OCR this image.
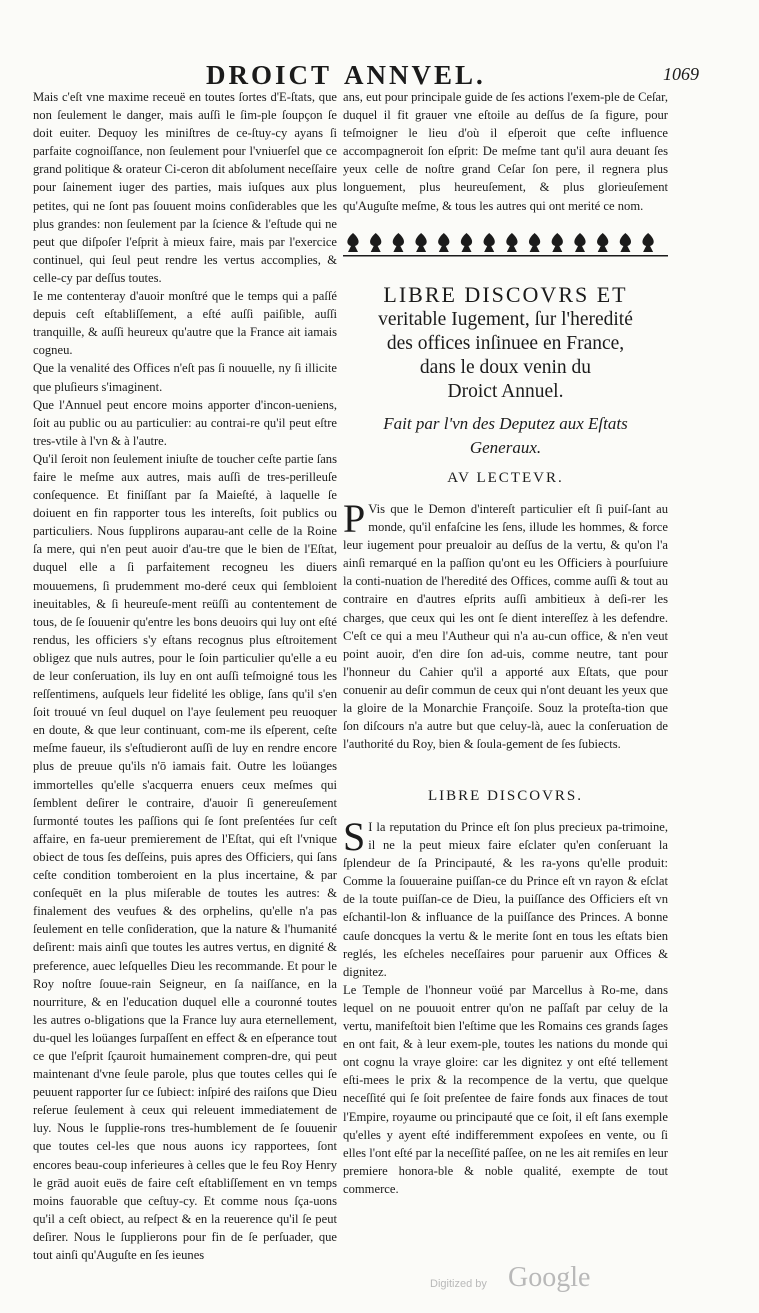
DROICT ANNVEL.	1069

Mais c'eſt vne maxime receuë en toutes ſortes d'E-ſtats, que non ſeulement le danger, mais auſſi le ſim-ple ſoupçon ſe doit euiter. Dequoy les miniſtres de ce-ſtuy-cy ayans ſi parfaite cognoiſſance, non ſeulement pour l'vniuerſel que ce grand politique & orateur Ci-ceron dit abſolument neceſſaire pour ſainement iuger des parties, mais iuſques aux plus petites, qui ne ſont pas ſouuent moins conſiderables que les plus grandes: non ſeulement par la ſcience & l'eſtude qui ne peut que diſpoſer l'eſprit à mieux faire, mais par l'exercice continuel, qui ſeul peut rendre les vertus accomplies, & celle-cy par deſſus toutes.

Ie me contenteray d'auoir monſtré que le temps qui a paſſé depuis ceſt eſtabliſſement, a eſté auſſi paiſible, auſſi tranquille, & auſſi heureux qu'autre que la France ait iamais cogneu.

Que la venalité des Offices n'eſt pas ſi nouuelle, ny ſi illicite que pluſieurs s'imaginent.

Que l'Annuel peut encore moins apporter d'incon-ueniens, ſoit au public ou au particulier: au contrai-re qu'il peut eſtre tres-vtile à l'vn & à l'autre.

Qu'il ſeroit non ſeulement iniuſte de toucher ceſte partie ſans faire le meſme aux autres, mais auſſi de tres-perilleuſe conſequence. Et finiſſant par ſa Maieſté, à laquelle ſe doiuent en fin rapporter tous les intereſts, ſoit publics ou particuliers. Nous ſupplirons auparau-ant celle de la Roine ſa mere, qui n'en peut auoir d'au-tre que le bien de l'Eſtat, duquel elle a ſi parfaitement recogneu les diuers mouuemens, ſi prudemment mo-deré ceux qui ſembloient ineuitables, & ſi heureuſe-ment reüſſi au contentement de tous, de ſe ſouuenir qu'entre les bons deuoirs qui luy ont eſté rendus, les officiers s'y eſtans recognus plus eſtroitement obligez que nuls autres, pour le ſoin particulier qu'elle a eu de leur conſeruation, ils luy en ont auſſi teſmoigné tous les reſſentimens, auſquels leur fidelité les oblige, ſans qu'il s'en ſoit trouué vn ſeul duquel on l'aye ſeulement peu reuoquer en doute, & que leur continuant, com-me ils eſperent, ceſte meſme faueur, ils s'eſtudieront auſſi de luy en rendre encore plus de preuue qu'ils n'ō iamais fait. Outre les loüanges immortelles qu'elle s'acquerra enuers ceux meſmes qui ſemblent deſirer le contraire, d'auoir ſi genereuſement ſurmonté toutes les paſſions qui ſe ſont preſentées ſur ceſt affaire, en fa-ueur premierement de l'Eſtat, qui eſt l'vnique obiect de tous ſes deſſeins, puis apres des Officiers, qui ſans ceſte condition tomberoient en la plus incertaine, & par conſequēt en la plus miſerable de toutes les autres: & finalement des veufues & des orphelins, qu'elle n'a pas ſeulement en telle conſideration, que la nature & l'humanité deſirent: mais ainſi que toutes les autres vertus, en dignité & preference, auec leſquelles Dieu les recommande. Et pour le Roy noſtre ſouue-rain Seigneur, en ſa naiſſance, en la nourriture, & en l'education duquel elle a couronné toutes les autres o-bligations que la France luy aura eternellement, du-quel les loüanges ſurpaſſent en effect & en eſperance tout ce que l'eſprit ſçauroit humainement compren-dre, qui peut maintenant d'vne ſeule parole, plus que toutes celles qui ſe peuuent rapporter ſur ce ſubiect: inſpiré des raiſons que Dieu reſerue ſeulement à ceux qui releuent immediatement de luy. Nous le ſupplie-rons tres-humblement de ſe ſouuenir que toutes cel-les que nous auons icy rapportees, ſont encores beau-coup inferieures à celles que le feu Roy Henry le grād auoit euës de faire ceſt eſtabliſſement en vn temps moins fauorable que ceſtuy-cy. Et comme nous ſça-uons qu'il a ceſt obiect, au reſpect & en la reuerence qu'il ſe peut deſirer. Nous le ſupplierons pour fin de ſe perſuader, que tout ainſi qu'Auguſte en ſes ieunes

ans, eut pour principale guide de ſes actions l'exem-ple de Ceſar, duquel il fit grauer vne eſtoile au deſſus de ſa figure, pour teſmoigner le lieu d'où il eſperoit que ceſte influence accompagneroit ſon eſprit: De meſme tant qu'il aura deuant ſes yeux celle de noſtre grand Ceſar ſon pere, il regnera plus longuement, plus heureuſement, & plus glorieuſement qu'Auguſte meſme, & tous les autres qui ont merité ce nom.

LIBRE DISCOVRS ET
veritable Iugement, ſur l'heredité
des offices inſinuee en France,
dans le doux venin du
Droict Annuel.
Fait par l'vn des Deputez aux Eſtats
Generaux.
AV LECTEVR.

P Vis que le Demon d'intereſt particulier eſt ſi puiſ-ſant au monde, qu'il enfaſcine les ſens, illude les hommes, & force leur iugement pour preualoir au deſſus de la vertu, & qu'on l'a ainſi remarqué en la paſſion qu'ont eu les Officiers à pourſuiure la conti-nuation de l'heredité des Offices, comme auſſi & tout au contraire en d'autres eſprits auſſi ambitieux à deſi-rer les charges, que ceux qui les ont ſe dient intereſſez à les defendre. C'eſt ce qui a meu l'Autheur qui n'a au-cun office, & n'en veut point auoir, d'en dire ſon ad-uis, comme neutre, tant pour l'honneur du Cahier qu'il a apporté aux Eſtats, que pour conuenir au deſir commun de ceux qui n'ont deuant les yeux que la gloire de la Monarchie Françoiſe. Souz la proteſta-tion que ſon diſcours n'a autre but que celuy-là, auec la conſeruation de l'authorité du Roy, bien & ſoula-gement de ſes ſubiects.

LIBRE DISCOVRS.

S I la reputation du Prince eſt ſon plus precieux pa-trimoine, il ne la peut mieux faire eſclater qu'en conſeruant la ſplendeur de ſa Principauté, & les ra-yons qu'elle produit: Comme la ſouueraine puiſſan-ce du Prince eſt vn rayon & eſclat de la toute puiſſan-ce de Dieu, la puiſſance des Officiers eſt vn eſchantil-lon & influance de la puiſſance des Princes. A bonne cauſe doncques la vertu & le merite ſont en tous les eſtats bien reglés, les eſcheles neceſſaires pour paruenir aux Offices & dignitez.

Le Temple de l'honneur voüé par Marcellus à Ro-me, dans lequel on ne pouuoit entrer qu'on ne paſſaſt par celuy de la vertu, manifeſtoit bien l'eſtime que les Romains ces grands ſages en ont fait, & à leur exem-ple, toutes les nations du monde qui ont cognu la vraye gloire: car les dignitez y ont eſté tellement eſti-mees le prix & la recompence de la vertu, que quelque neceſſité qui ſe ſoit preſentee de faire fonds aux finaces de tout l'Empire, royaume ou principauté que ce ſoit, il eſt ſans exemple qu'elles y ayent eſté indifferemment expoſees en vente, ou ſi elles l'ont eſté par la neceſſité paſſee, on ne les ait remiſes en leur premiere honora-ble & noble qualité, exempte de tout commerce.

Digitized by Google
